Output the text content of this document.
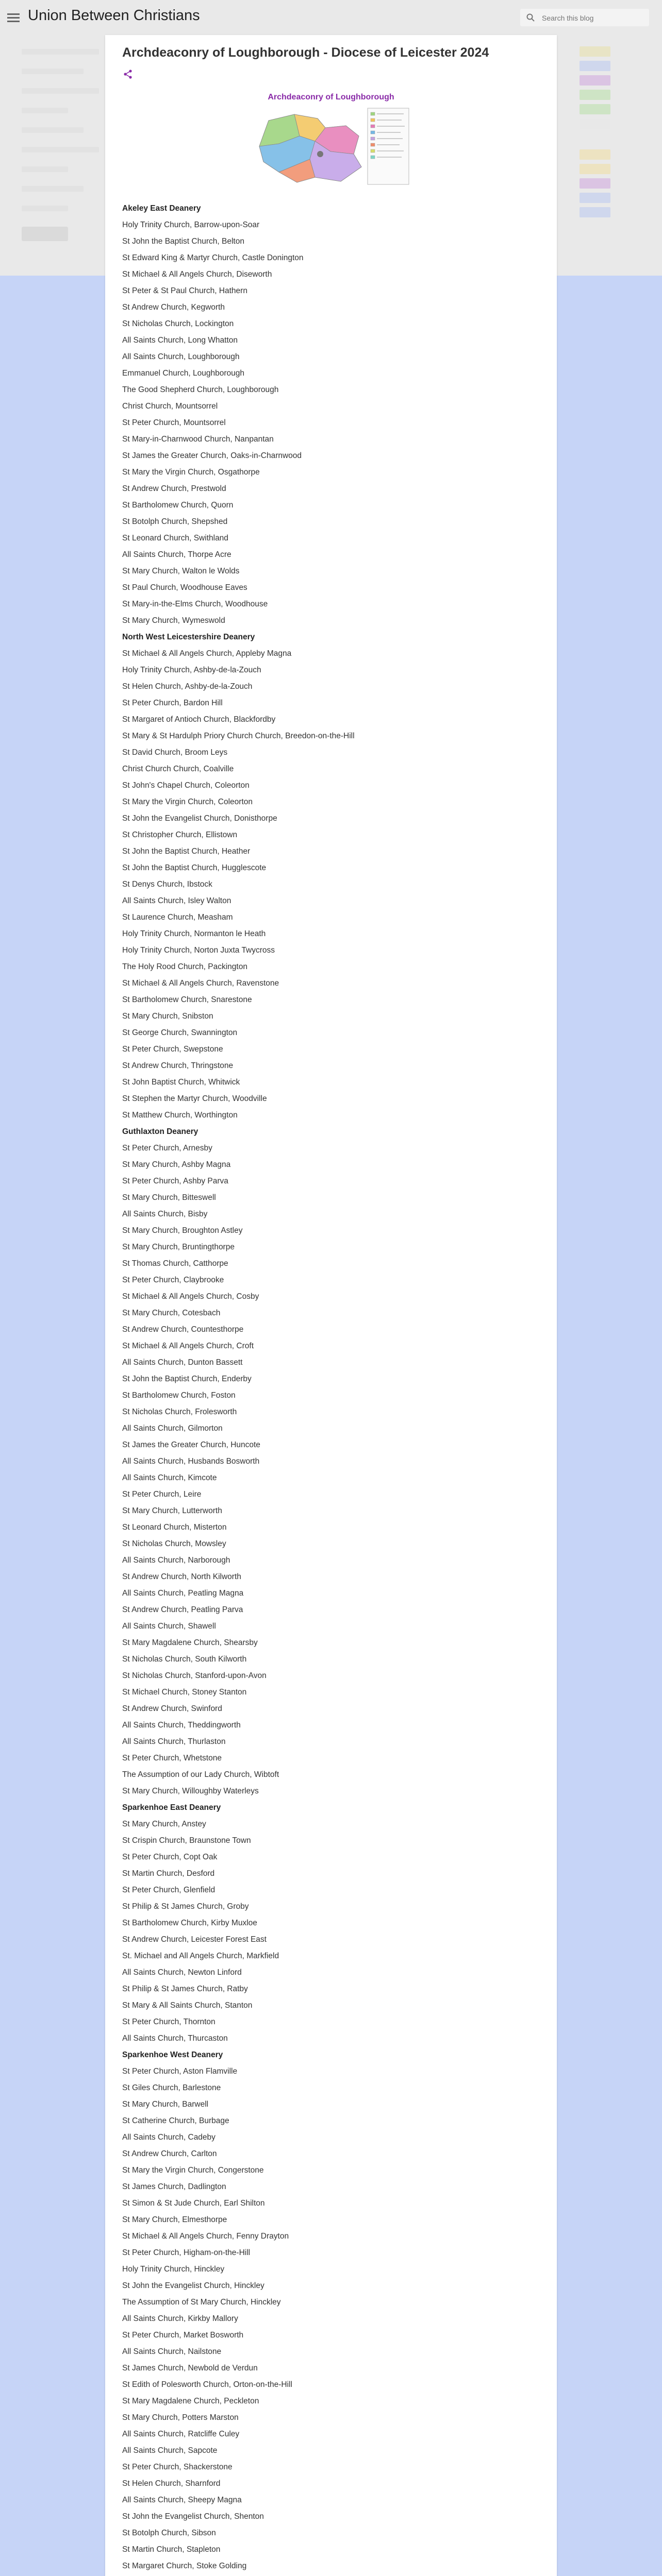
Union Between Christians
Search this blog
Archdeaconry of Loughborough - Diocese of Leicester 2024
Archdeaconry of Loughborough
Akeley East Deanery
Holy Trinity Church, Barrow-upon-Soar
St John the Baptist Church, Belton
St Edward King & Martyr Church, Castle Donington
St Michael & All Angels Church, Diseworth
St Peter & St Paul Church, Hathern
St Andrew Church, Kegworth
St Nicholas Church, Lockington
All Saints Church, Long Whatton
All Saints Church, Loughborough
Emmanuel Church, Loughborough
The Good Shepherd Church, Loughborough
Christ Church, Mountsorrel
St Peter Church, Mountsorrel
St Mary-in-Charnwood Church, Nanpantan
St James the Greater Church, Oaks-in-Charnwood
St Mary the Virgin Church, Osgathorpe
St Andrew Church, Prestwold
St Bartholomew Church, Quorn
St Botolph Church, Shepshed
St Leonard Church, Swithland
All Saints Church, Thorpe Acre
St Mary Church, Walton le Wolds
St Paul Church, Woodhouse Eaves
St Mary-in-the-Elms Church, Woodhouse
St Mary Church, Wymeswold
North West Leicestershire Deanery
St Michael & All Angels Church, Appleby Magna
Holy Trinity Church, Ashby-de-la-Zouch
St Helen Church, Ashby-de-la-Zouch
St Peter Church, Bardon Hill
St Margaret of Antioch Church, Blackfordby
St Mary & St Hardulph Priory Church Church, Breedon-on-the-Hill
St David Church, Broom Leys
Christ Church Church, Coalville
St John's Chapel Church, Coleorton
St Mary the Virgin Church, Coleorton
St John the Evangelist Church, Donisthorpe
St Christopher Church, Ellistown
St John the Baptist Church, Heather
St John the Baptist Church, Hugglescote
St Denys Church, Ibstock
All Saints Church, Isley Walton
St Laurence Church, Measham
Holy Trinity Church, Normanton le Heath
Holy Trinity Church, Norton Juxta Twycross
The Holy Rood Church, Packington
St Michael & All Angels Church, Ravenstone
St Bartholomew Church, Snarestone
St Mary Church, Snibston
St George Church, Swannington
St Peter Church, Swepstone
St Andrew Church, Thringstone
St John Baptist Church, Whitwick
St Stephen the Martyr Church, Woodville
St Matthew Church, Worthington
Guthlaxton Deanery
St Peter Church, Arnesby
St Mary Church, Ashby Magna
St Peter Church, Ashby Parva
St Mary Church, Bitteswell
All Saints Church, Bisby
St Mary Church, Broughton Astley
St Mary Church, Bruntingthorpe
St Thomas Church, Catthorpe
St Peter Church, Claybrooke
St Michael & All Angels Church, Cosby
St Mary Church, Cotesbach
St Andrew Church, Countesthorpe
St Michael & All Angels Church, Croft
All Saints Church, Dunton Bassett
St John the Baptist Church, Enderby
St Bartholomew Church, Foston
St Nicholas Church, Frolesworth
All Saints Church, Gilmorton
St James the Greater Church, Huncote
All Saints Church, Husbands Bosworth
All Saints Church, Kimcote
St Peter Church, Leire
St Mary Church, Lutterworth
St Leonard Church, Misterton
St Nicholas Church, Mowsley
All Saints Church, Narborough
St Andrew Church, North Kilworth
All Saints Church, Peatling Magna
St Andrew Church, Peatling Parva
All Saints Church, Shawell
St Mary Magdalene Church, Shearsby
St Nicholas Church, South Kilworth
St Nicholas Church, Stanford-upon-Avon
St Michael Church, Stoney Stanton
St Andrew Church, Swinford
All Saints Church, Theddingworth
All Saints Church, Thurlaston
St Peter Church, Whetstone
The Assumption of our Lady Church, Wibtoft
St Mary Church, Willoughby Waterleys
Sparkenhoe East Deanery
St Mary Church, Anstey
St Crispin Church, Braunstone Town
St Peter Church, Copt Oak
St Martin Church, Desford
St Peter Church, Glenfield
St Philip & St James Church, Groby
St Bartholomew Church, Kirby Muxloe
St Andrew Church, Leicester Forest East
St. Michael and All Angels Church, Markfield
All Saints Church, Newton Linford
St Philip & St James Church, Ratby
St Mary & All Saints Church, Stanton
St Peter Church, Thornton
All Saints Church, Thurcaston
Sparkenhoe West Deanery
St Peter Church, Aston Flamville
St Giles Church, Barlestone
St Mary Church, Barwell
St Catherine Church, Burbage
All Saints Church, Cadeby
St Andrew Church, Carlton
St Mary the Virgin Church, Congerstone
St James Church, Dadlington
St Simon & St Jude Church, Earl Shilton
St Mary Church, Elmesthorpe
St Michael & All Angels Church, Fenny Drayton
St Peter Church, Higham-on-the-Hill
Holy Trinity Church, Hinckley
St John the Evangelist Church, Hinckley
The Assumption of St Mary Church, Hinckley
All Saints Church, Kirkby Mallory
St Peter Church, Market Bosworth
All Saints Church, Nailstone
St James Church, Newbold de Verdun
St Edith of Polesworth Church, Orton-on-the-Hill
St Mary Magdalene Church, Peckleton
St Mary Church, Potters Marston
All Saints Church, Ratcliffe Culey
All Saints Church, Sapcote
St Peter Church, Shackerstone
St Helen Church, Sharnford
All Saints Church, Sheepy Magna
St John the Evangelist Church, Shenton
St Botolph Church, Sibson
St Martin Church, Stapleton
St Margaret Church, Stoke Golding
